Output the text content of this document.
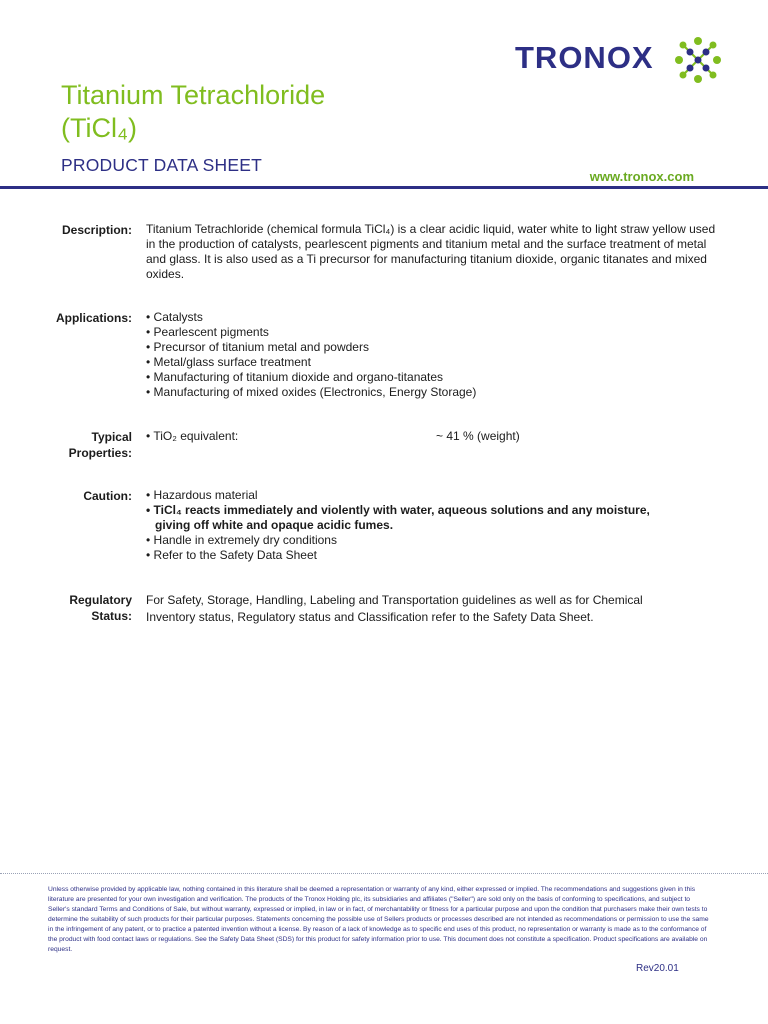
Titanium Tetrachloride
(TiCl₄)
PRODUCT DATA SHEET
www.tronox.com
TRONOX
Description: Titanium Tetrachloride (chemical formula TiCl₄) is a clear acidic liquid, water white to light straw yellow used in the production of catalysts, pearlescent pigments and titanium metal and the surface treatment of metal and glass. It is also used as a Ti precursor for manufacturing titanium dioxide, organic titanates and mixed oxides.
Applications: • Catalysts
• Pearlescent pigments
• Precursor of titanium metal and powders
• Metal/glass surface treatment
• Manufacturing of titanium dioxide and organo-titanates
• Manufacturing of mixed oxides (Electronics, Energy Storage)
Typical
Properties:
• TiO₂ equivalent:	~ 41 % (weight)
Caution: • Hazardous material
• TiCl₄ reacts immediately and violently with water, aqueous solutions and any moisture,
giving off white and opaque acidic fumes.
• Handle in extremely dry conditions
• Refer to the Safety Data Sheet
Regulatory
Status:
For Safety, Storage, Handling, Labeling and Transportation guidelines as well as for Chemical
Inventory status, Regulatory status and Classification refer to the Safety Data Sheet.
Unless otherwise provided by applicable law, nothing contained in this literature shall be deemed a representation or warranty of any kind, either expressed or implied. The recommendations and suggestions given in this literature are presented for your own investigation and verification. The products of the Tronox Holding plc, its subsidiaries and affiliates ("Seller") are sold only on the basis of conforming to specifications, and subject to Seller's standard Terms and Conditions of Sale, but without warranty, expressed or implied, in law or in fact, of merchantability or fitness for a particular purpose and upon the condition that purchasers make their own tests to determine the suitability of such products for their particular purposes. Statements concerning the possible use of Sellers products or processes described are not intended as recommendations or permission to use the same in the infringement of any patent, or to practice a patented invention without a license. By reason of a lack of knowledge as to specific end uses of this product, no representation or warranty is made as to the conformance of the product with food contact laws or regulations. See the Safety Data Sheet (SDS) for this product for safety information prior to use. This document does not constitute a specification. Product specifications are available on request.
Rev20.01
